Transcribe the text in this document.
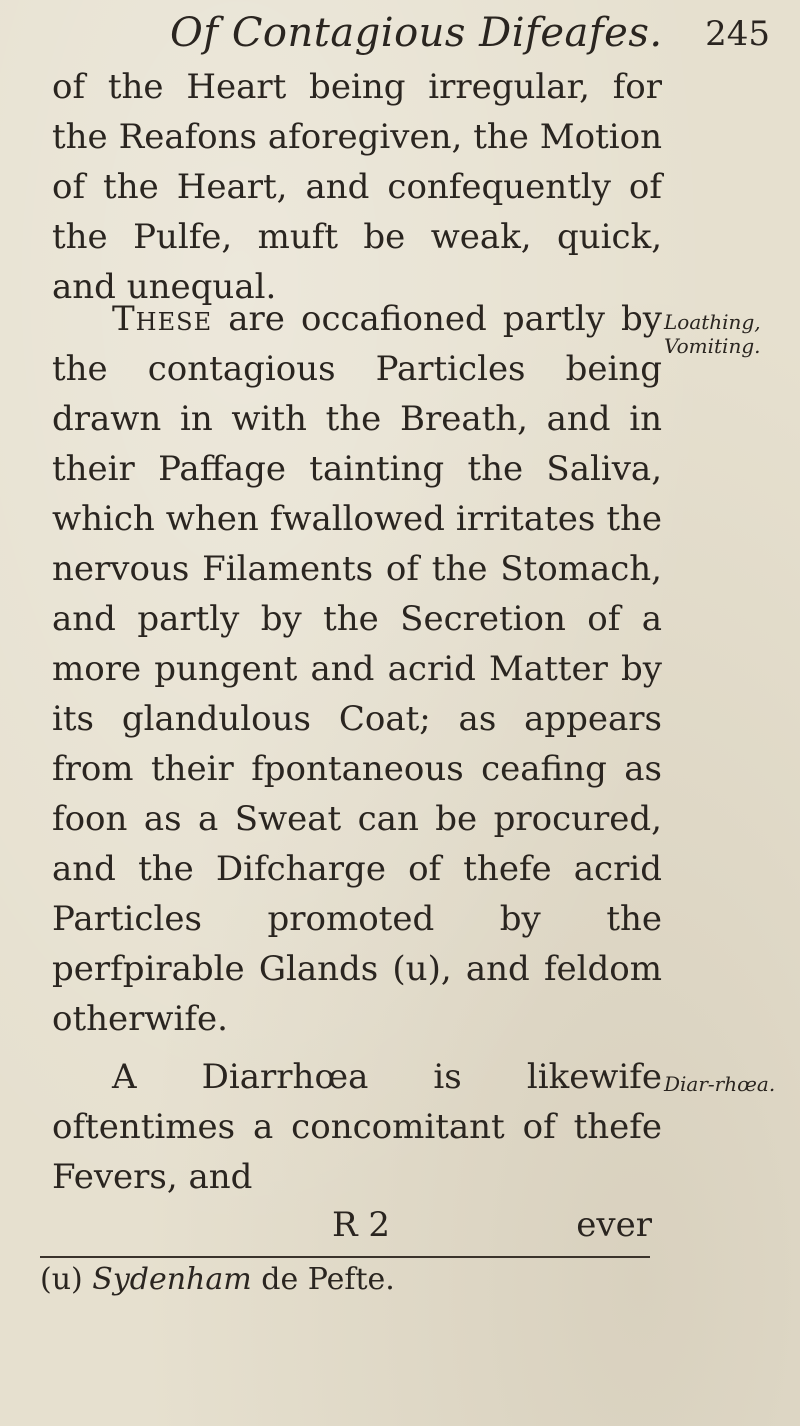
Of Contagious Difeafes. 245

of the Heart being irregular, for the Reafons aforegiven, the Motion of the Heart, and confequently of the Pulfe, muft be weak, quick, and unequal.

These are occafioned partly by the contagious Particles being drawn in with the Breath, and in their Paffage tainting the Saliva, which when fwallowed irritates the nervous Filaments of the Stomach, and partly by the Secretion of a more pungent and acrid Matter by its glandulous Coat; as appears from their fpontaneous ceafing as foon as a Sweat can be procured, and the Difcharge of thefe acrid Particles promoted by the perfpirable Glands (u), and feldom otherwife.

Loathing, Vomiting.

A Diarrhœa is likewife oftentimes a concomitant of thefe Fevers, and

Diar-rhœa.
R 2	ever
(u) Sydenham de Pefte.
